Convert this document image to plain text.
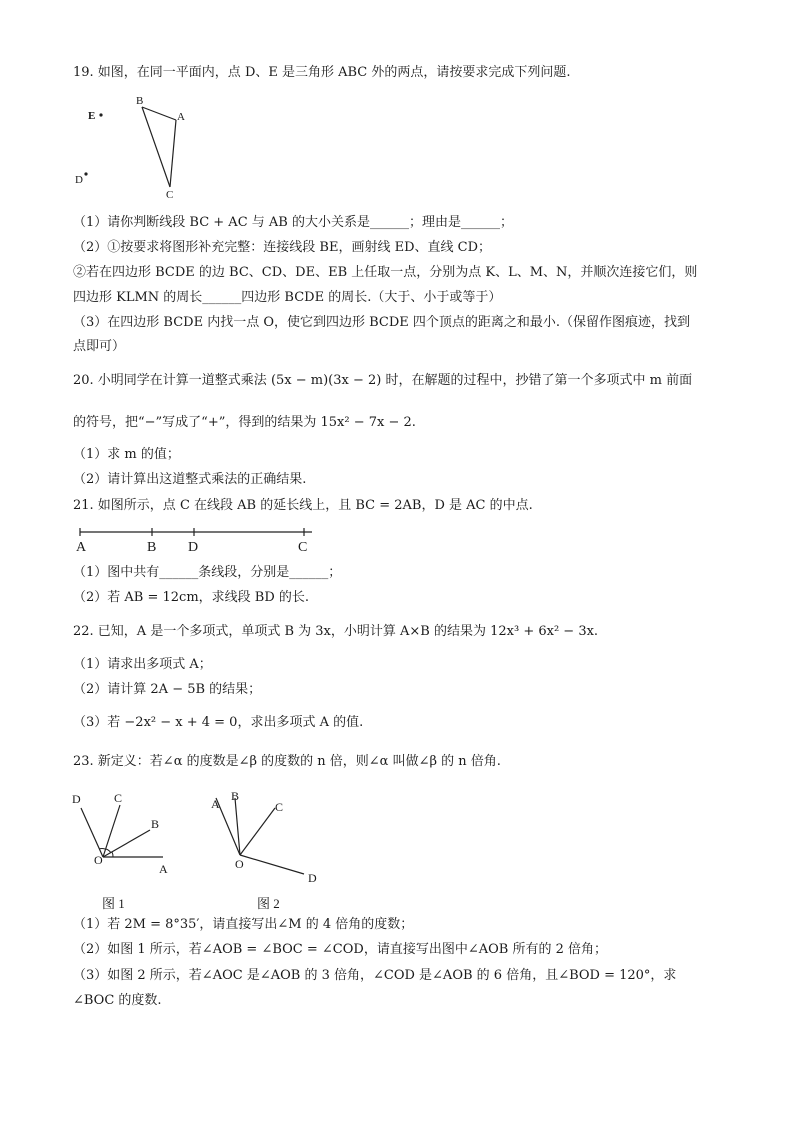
19. 如图，在同一平面内，点 D、E 是三角形 ABC 外的两点，请按要求完成下列问题.
B
A
C
E
D
（1）请你判断线段 BC + AC 与 AB 的大小关系是______；理由是______；
（2）①按要求将图形补充完整：连接线段 BE，画射线 ED、直线 CD；
②若在四边形 BCDE 的边 BC、CD、DE、EB 上任取一点，分别为点 K、L、M、N，并顺次连接它们，则
四边形 KLMN 的周长______四边形 BCDE 的周长.（大于、小于或等于）
（3）在四边形 BCDE 内找一点 O，使它到四边形 BCDE 四个顶点的距离之和最小.（保留作图痕迹，找到
点即可）
20. 小明同学在计算一道整式乘法 (5x − m)(3x − 2) 时，在解题的过程中，抄错了第一个多项式中 m 前面
的符号，把“−”写成了“+”，得到的结果为 15x² − 7x − 2.
（1）求 m 的值；
（2）请计算出这道整式乘法的正确结果.
21. 如图所示，点 C 在线段 AB 的延长线上，且 BC = 2AB，D 是 AC 的中点.
A	B D	C
（1）图中共有______条线段，分别是______；
（2）若 AB = 12cm，求线段 BD 的长.
22. 已知，A 是一个多项式，单项式 B 为 3x，小明计算 A×B 的结果为 12x³ + 6x² − 3x.
（1）请求出多项式 A；
（2）请计算 2A − 5B 的结果；
（3）若 −2x² − x + 4 = 0，求出多项式 A 的值.
23. 新定义：若∠α 的度数是∠β 的度数的 n 倍，则∠α 叫做∠β 的 n 倍角.
D	C
B
O
A
A
B
C
O
D
图 1	图 2
（1）若 2M = 8°35′，请直接写出∠M 的 4 倍角的度数；
（2）如图 1 所示，若∠AOB = ∠BOC = ∠COD，请直接写出图中∠AOB 所有的 2 倍角；
（3）如图 2 所示，若∠AOC 是∠AOB 的 3 倍角，∠COD 是∠AOB 的 6 倍角，且∠BOD = 120°，求
∠BOC 的度数.
